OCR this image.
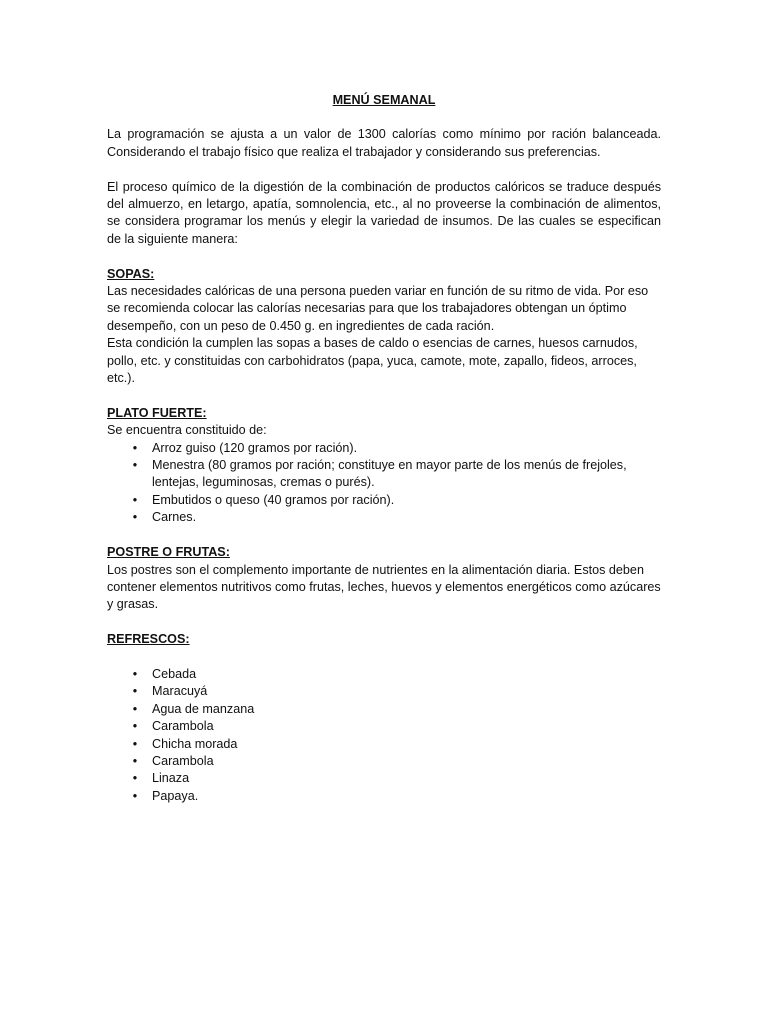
MENÚ SEMANAL

La programación se ajusta a un valor de 1300 calorías como mínimo por ración balanceada. Considerando el trabajo físico que realiza el trabajador y considerando sus preferencias.

El proceso químico de la digestión de la combinación de productos calóricos se traduce después del almuerzo, en letargo, apatía, somnolencia, etc., al no proveerse la combinación de alimentos, se considera programar los menús y elegir la variedad de insumos. De las cuales se especifican de la siguiente manera:

SOPAS:

Las necesidades calóricas de una persona pueden variar en función de su ritmo de vida. Por eso se recomienda colocar las calorías necesarias para que los trabajadores obtengan un óptimo desempeño, con un peso de 0.450 g. en ingredientes de cada ración.

Esta condición la cumplen las sopas a bases de caldo o esencias de carnes, huesos carnudos, pollo, etc. y constituidas con carbohidratos (papa, yuca, camote, mote, zapallo, fideos, arroces, etc.).

PLATO FUERTE:

Se encuentra constituido de:

•	Arroz guiso (120 gramos por ración).
•	Menestra (80 gramos por ración; constituye en mayor parte de los menús de frejoles, lentejas, leguminosas, cremas o purés).
•	Embutidos o queso (40 gramos por ración).
•	Carnes.

POSTRE O FRUTAS:

Los postres son el complemento importante de nutrientes en la alimentación diaria. Estos deben contener elementos nutritivos como frutas, leches, huevos y elementos energéticos como azúcares y grasas.

REFRESCOS:

•	Cebada
•	Maracuyá
•	Agua de manzana
•	Carambola
•	Chicha morada
•	Carambola
•	Linaza
•	Papaya.
